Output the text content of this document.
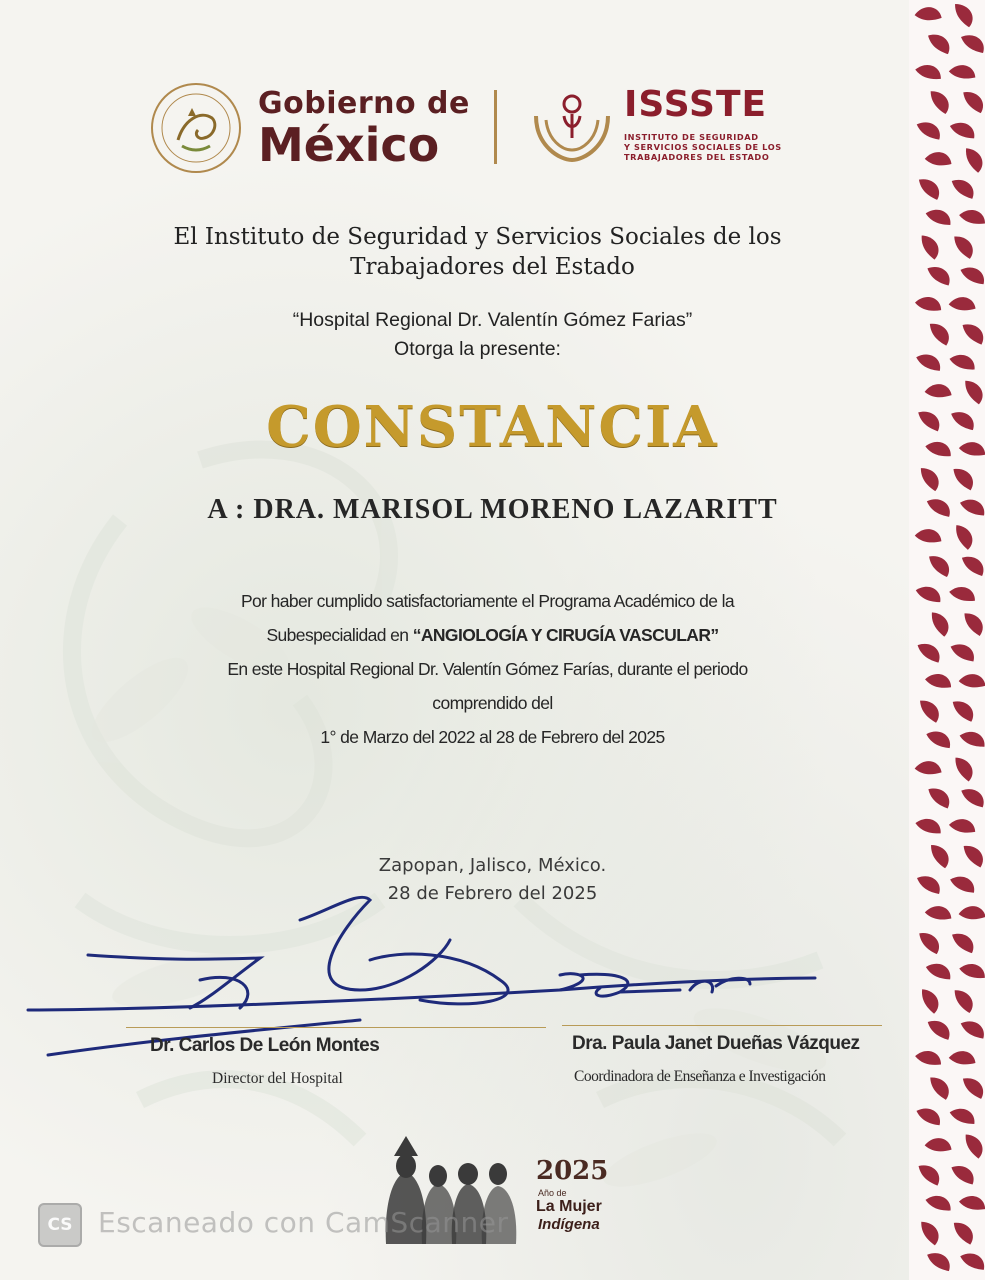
Gobierno de
México
ISSSTE
INSTITUTO DE SEGURIDAD
Y SERVICIOS SOCIALES DE LOS
TRABAJADORES DEL ESTADO
El Instituto de Seguridad y Servicios Sociales de los
Trabajadores del Estado
“Hospital Regional Dr. Valentín Gómez Farias”
Otorga la presente:
CONSTANCIA
A : DRA. MARISOL MORENO LAZARITT
Por haber cumplido satisfactoriamente el Programa Académico de la
Subespecialidad en “ANGIOLOGÍA Y CIRUGÍA VASCULAR”
En este Hospital Regional Dr. Valentín Gómez Farías, durante el periodo
comprendido del
1° de Marzo del 2022 al 28 de Febrero del 2025
Zapopan, Jalisco, México.
28 de Febrero del 2025
Dr. Carlos De León Montes
Director del Hospital
Dra. Paula Janet Dueñas Vázquez
Coordinadora de Enseñanza e Investigación
2025
Año de
La Mujer
Indígena
CS Escaneado con CamScanner
